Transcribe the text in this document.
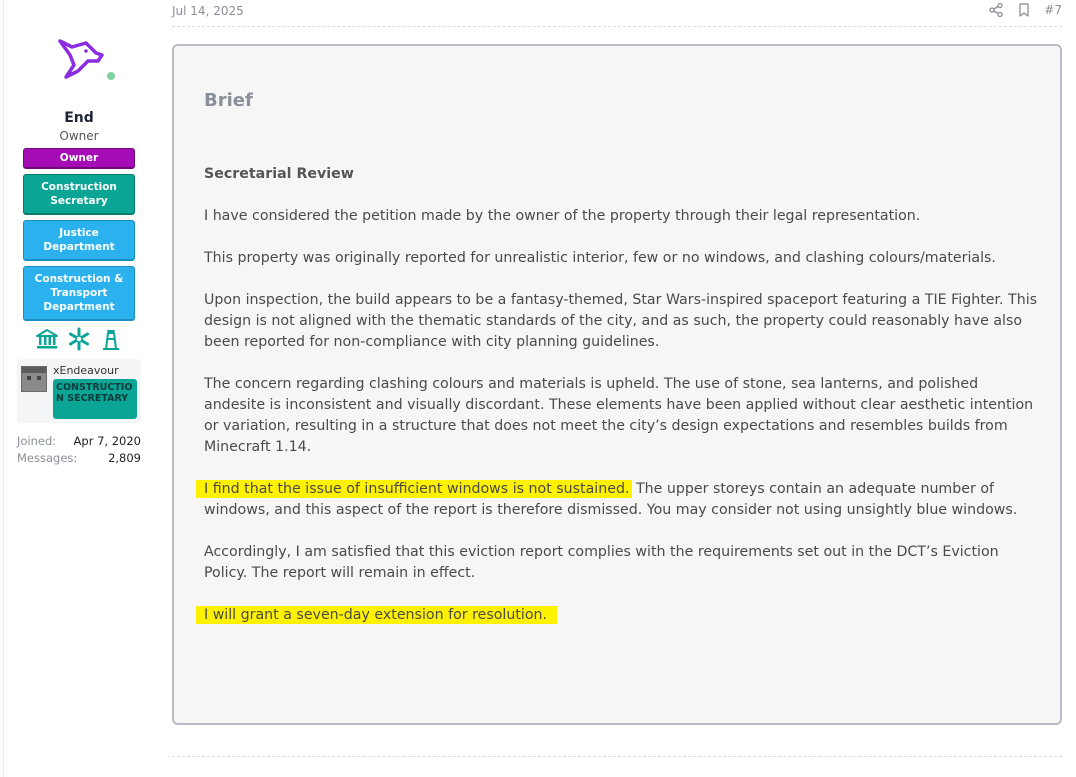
End
Owner
Owner
Construction Secretary
Justice Department
Construction & Transport Department
xEndeavour
CONSTRUCTION SECRETARY
Joined: Apr 7, 2020
Messages:	2,809
Jul 14, 2025	#7
Brief

Secretarial Review

I have considered the petition made by the owner of the property through their legal representation.

This property was originally reported for unrealistic interior, few or no windows, and clashing colours/materials.

Upon inspection, the build appears to be a fantasy-themed, Star Wars-inspired spaceport featuring a TIE Fighter. This design is not aligned with the thematic standards of the city, and as such, the property could reasonably have also been reported for non-compliance with city planning guidelines.

The concern regarding clashing colours and materials is upheld. The use of stone, sea lanterns, and polished andesite is inconsistent and visually discordant. These elements have been applied without clear aesthetic intention or variation, resulting in a structure that does not meet the city’s design expectations and resembles builds from Minecraft 1.14.

I find that the issue of insufficient windows is not sustained. The upper storeys contain an adequate number of windows, and this aspect of the report is therefore dismissed. You may consider not using unsightly blue windows.

Accordingly, I am satisfied that this eviction report complies with the requirements set out in the DCT’s Eviction Policy. The report will remain in effect.

I will grant a seven-day extension for resolution.
